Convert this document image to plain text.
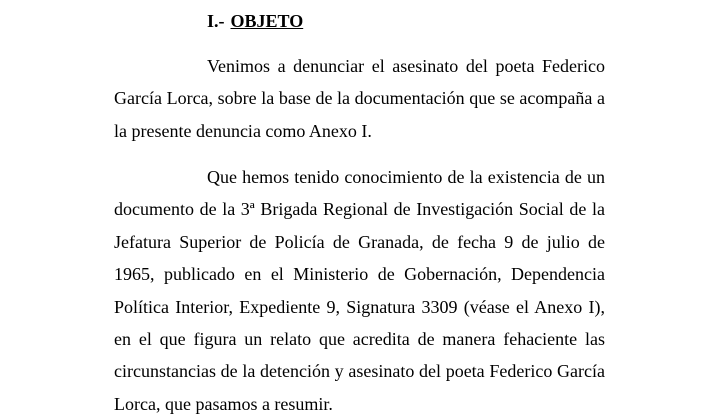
I.- OBJETO

Venimos a denunciar el asesinato del poeta Federico García Lorca, sobre la base de la documentación que se acompaña a la presente denuncia como Anexo I.

Que hemos tenido conocimiento de la existencia de un documento de la 3ª Brigada Regional de Investigación Social de la Jefatura Superior de Policía de Granada, de fecha 9 de julio de 1965, publicado en el Ministerio de Gobernación, Dependencia Política Interior, Expediente 9, Signatura 3309 (véase el Anexo I), en el que figura un relato que acredita de manera fehaciente las circunstancias de la detención y asesinato del poeta Federico García Lorca, que pasamos a resumir.
